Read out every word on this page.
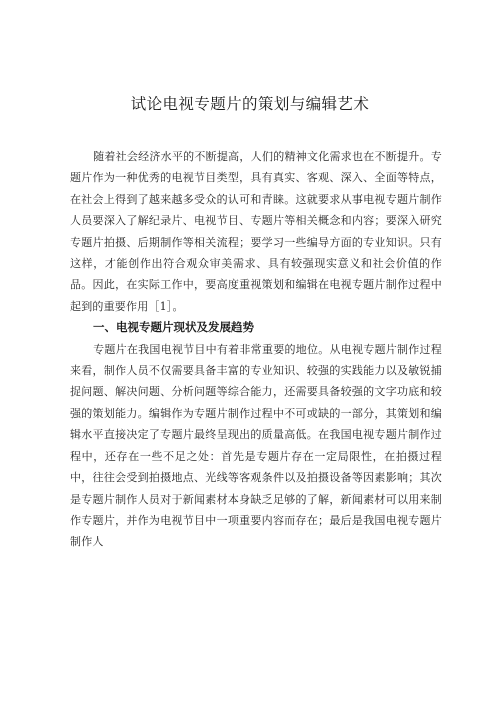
试论电视专题片的策划与编辑艺术

随着社会经济水平的不断提高，人们的精神文化需求也在不断提升。专题片作为一种优秀的电视节目类型，具有真实、客观、深入、全面等特点，在社会上得到了越来越多受众的认可和青睐。这就要求从事电视专题片制作人员要深入了解纪录片、电视节目、专题片等相关概念和内容；要深入研究专题片拍摄、后期制作等相关流程；要学习一些编导方面的专业知识。只有这样，才能创作出符合观众审美需求、具有较强现实意义和社会价值的作品。因此，在实际工作中，要高度重视策划和编辑在电视专题片制作过程中起到的重要作用［1］。

一、电视专题片现状及发展趋势

专题片在我国电视节目中有着非常重要的地位。从电视专题片制作过程来看，制作人员不仅需要具备丰富的专业知识、较强的实践能力以及敏锐捕捉问题、解决问题、分析问题等综合能力，还需要具备较强的文字功底和较强的策划能力。编辑作为专题片制作过程中不可或缺的一部分，其策划和编辑水平直接决定了专题片最终呈现出的质量高低。在我国电视专题片制作过程中，还存在一些不足之处：首先是专题片存在一定局限性，在拍摄过程中，往往会受到拍摄地点、光线等客观条件以及拍摄设备等因素影响；其次是专题片制作人员对于新闻素材本身缺乏足够的了解，新闻素材可以用来制作专题片，并作为电视节目中一项重要内容而存在；最后是我国电视专题片制作人
